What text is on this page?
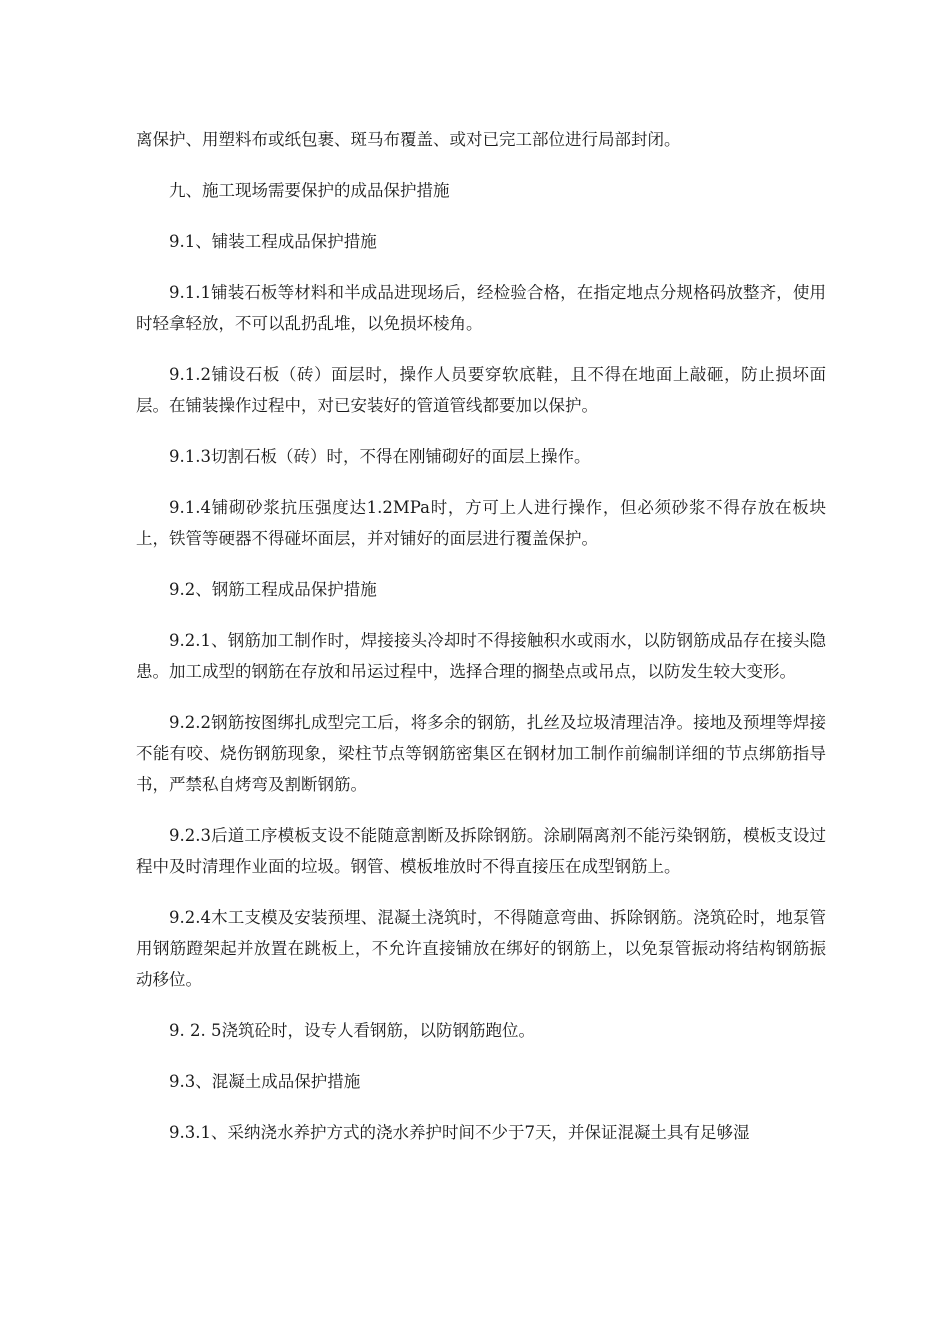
离保护、用塑料布或纸包裹、斑马布覆盖、或对已完工部位进行局部封闭。

九、施工现场需要保护的成品保护措施

9.1、铺装工程成品保护措施

9.1.1铺装石板等材料和半成品进现场后，经检验合格，在指定地点分规格码放整齐，使用时轻拿轻放，不可以乱扔乱堆，以免损坏棱角。

9.1.2铺设石板（砖）面层时，操作人员要穿软底鞋，且不得在地面上敲砸，防止损坏面层。在铺装操作过程中，对已安装好的管道管线都要加以保护。

9.1.3切割石板（砖）时，不得在刚铺砌好的面层上操作。

9.1.4铺砌砂浆抗压强度达1.2MPa时，方可上人进行操作，但必须砂浆不得存放在板块上，铁管等硬器不得碰坏面层，并对铺好的面层进行覆盖保护。

9.2、钢筋工程成品保护措施

9.2.1、钢筋加工制作时，焊接接头冷却时不得接触积水或雨水，以防钢筋成品存在接头隐患。加工成型的钢筋在存放和吊运过程中，选择合理的搁垫点或吊点，以防发生较大变形。

9.2.2钢筋按图绑扎成型完工后，将多余的钢筋，扎丝及垃圾清理洁净。接地及预埋等焊接不能有咬、烧伤钢筋现象，梁柱节点等钢筋密集区在钢材加工制作前编制详细的节点绑筋指导书，严禁私自烤弯及割断钢筋。

9.2.3后道工序模板支设不能随意割断及拆除钢筋。涂刷隔离剂不能污染钢筋，模板支设过程中及时清理作业面的垃圾。钢管、模板堆放时不得直接压在成型钢筋上。

9.2.4木工支模及安装预埋、混凝土浇筑时，不得随意弯曲、拆除钢筋。浇筑砼时，地泵管用钢筋蹬架起并放置在跳板上，不允许直接铺放在绑好的钢筋上，以免泵管振动将结构钢筋振动移位。

9. 2. 5浇筑砼时，设专人看钢筋，以防钢筋跑位。

9.3、混凝土成品保护措施

9.3.1、采纳浇水养护方式的浇水养护时间不少于7天，并保证混凝土具有足够湿
